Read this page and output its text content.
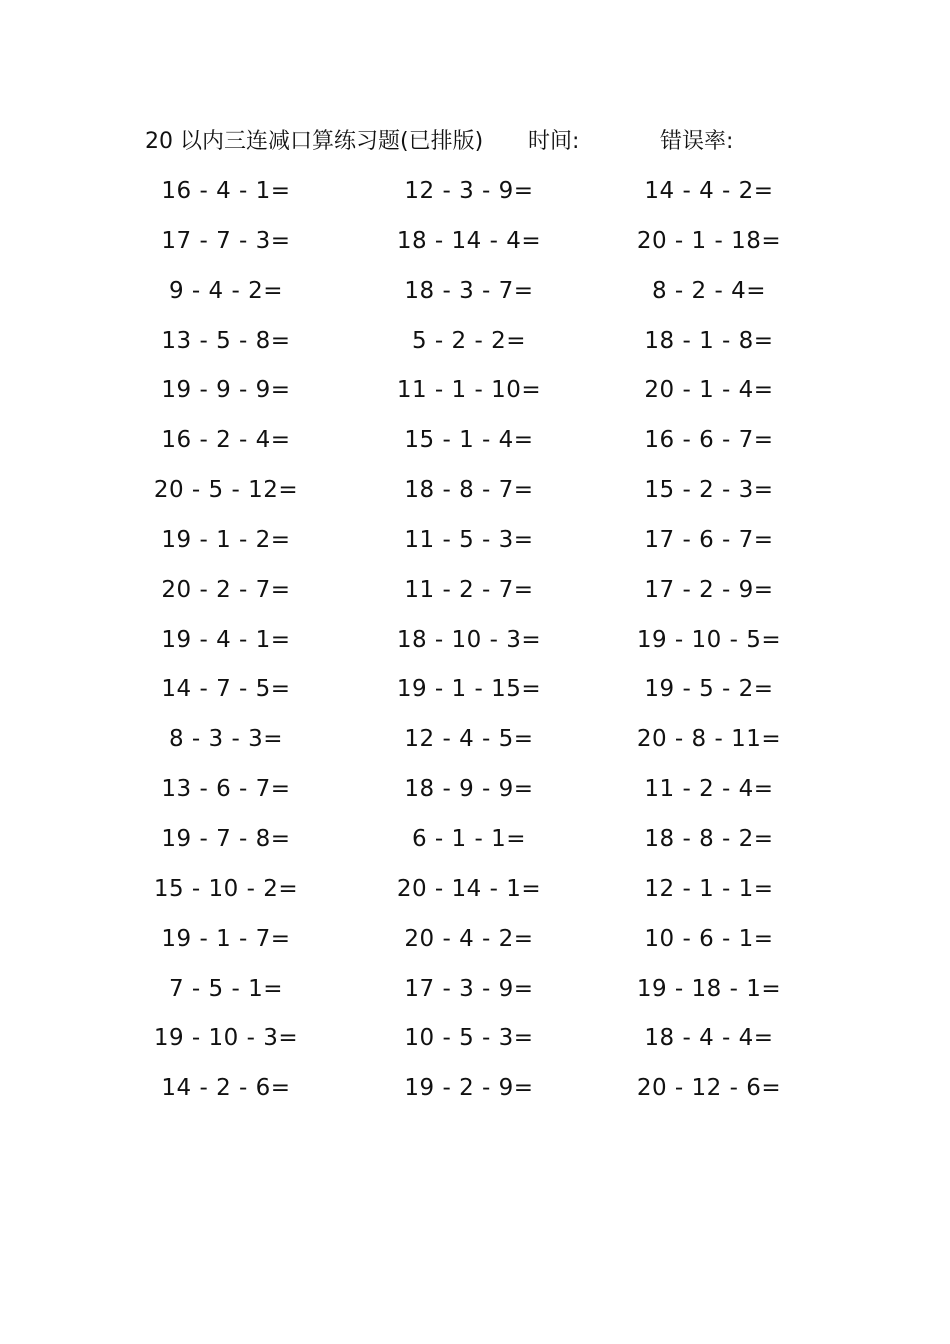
20 以内三连减口算练习题(已排版) 时间:	错误率:
16 - 4 - 1=	12 - 3 - 9=	14 - 4 - 2=
17 - 7 - 3=	18 - 14 - 4=	20 - 1 - 18=
9 - 4 - 2=	18 - 3 - 7=	8 - 2 - 4=
13 - 5 - 8=	5 - 2 - 2=	18 - 1 - 8=
19 - 9 - 9=	11 - 1 - 10=	20 - 1 - 4=
16 - 2 - 4=	15 - 1 - 4=	16 - 6 - 7=
20 - 5 - 12=	18 - 8 - 7=	15 - 2 - 3=
19 - 1 - 2=	11 - 5 - 3=	17 - 6 - 7=
20 - 2 - 7=	11 - 2 - 7=	17 - 2 - 9=
19 - 4 - 1=	18 - 10 - 3=	19 - 10 - 5=
14 - 7 - 5=	19 - 1 - 15=	19 - 5 - 2=
8 - 3 - 3=	12 - 4 - 5=	20 - 8 - 11=
13 - 6 - 7=	18 - 9 - 9=	11 - 2 - 4=
19 - 7 - 8=	6 - 1 - 1=	18 - 8 - 2=
15 - 10 - 2=	20 - 14 - 1=	12 - 1 - 1=
19 - 1 - 7=	20 - 4 - 2=	10 - 6 - 1=
7 - 5 - 1=	17 - 3 - 9=	19 - 18 - 1=
19 - 10 - 3=	10 - 5 - 3=	18 - 4 - 4=
14 - 2 - 6=	19 - 2 - 9=	20 - 12 - 6=
